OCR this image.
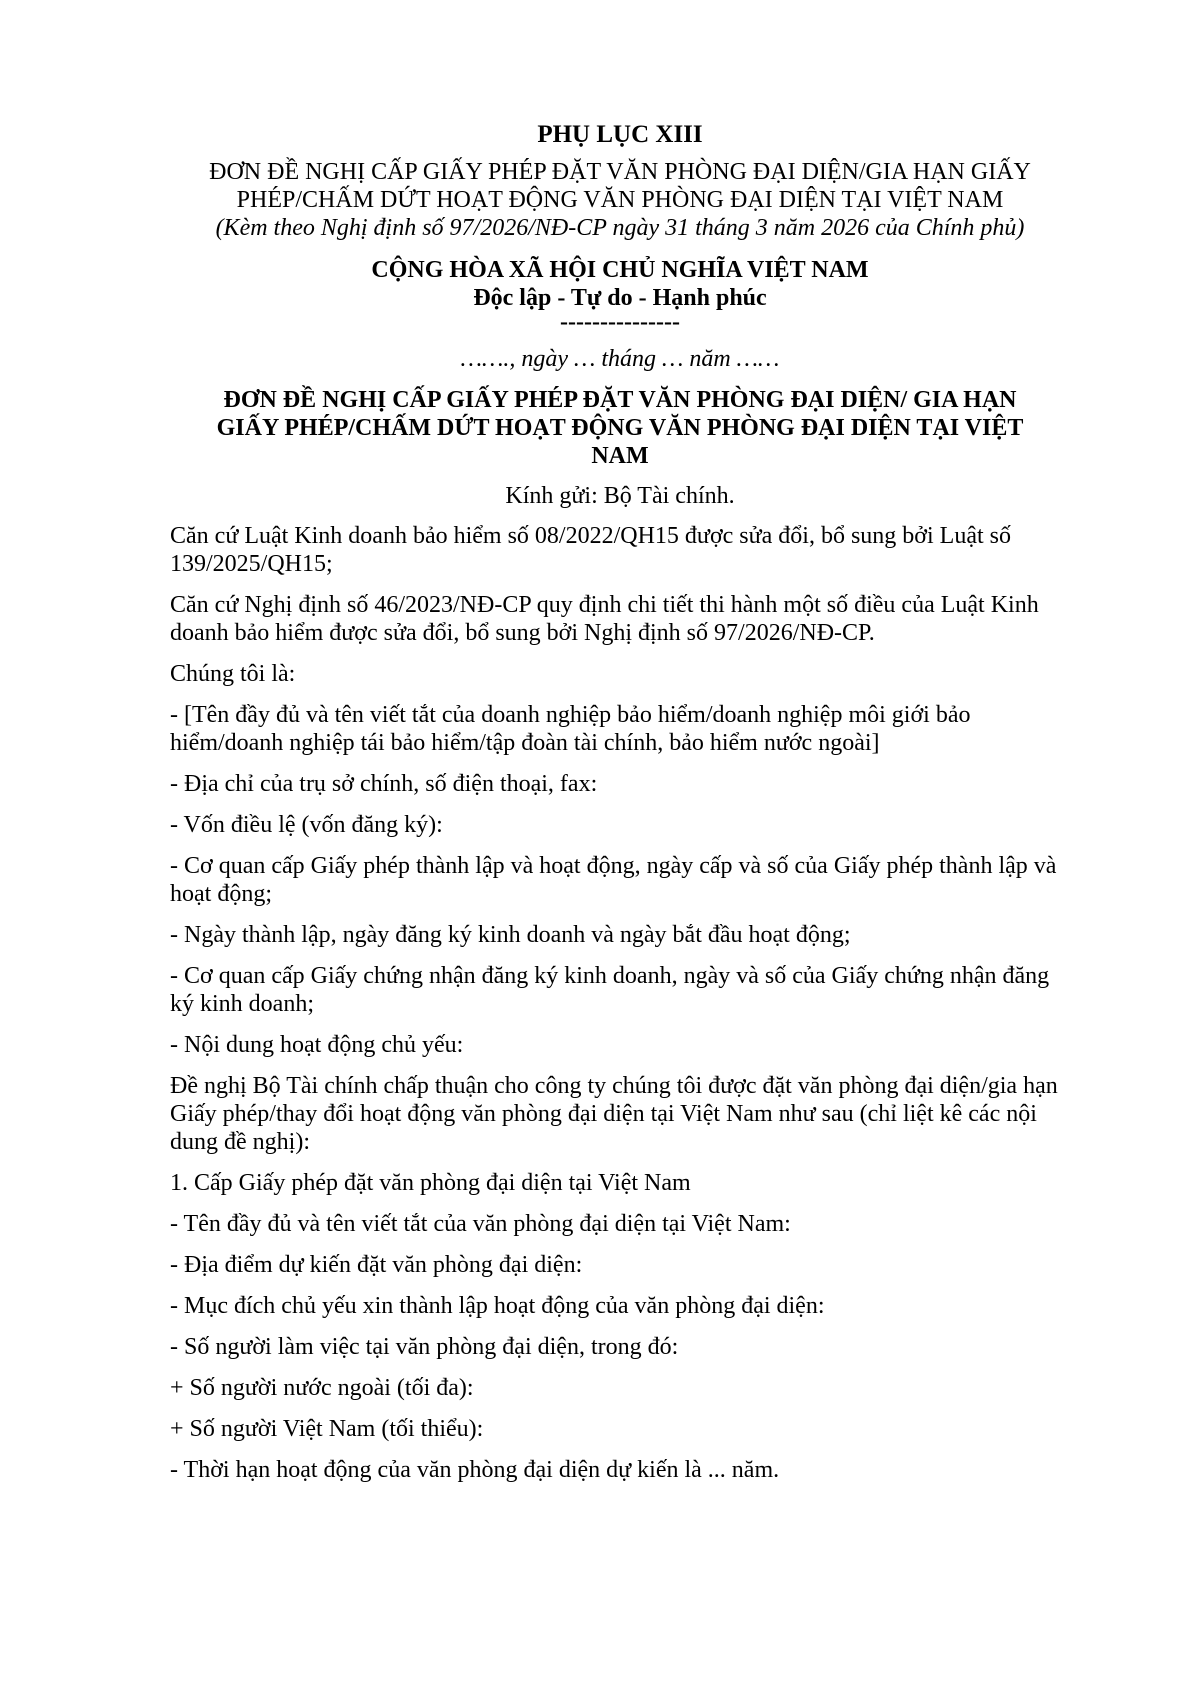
PHỤ LỤC XIII

ĐƠN ĐỀ NGHỊ CẤP GIẤY PHÉP ĐẶT VĂN PHÒNG ĐẠI DIỆN/GIA HẠN GIẤY

PHÉP/CHẤM DỨT HOẠT ĐỘNG VĂN PHÒNG ĐẠI DIỆN TẠI VIỆT NAM

(Kèm theo Nghị định số 97/2026/NĐ-CP ngày 31 tháng 3 năm 2026 của Chính phủ)

CỘNG HÒA XÃ HỘI CHỦ NGHĨA VIỆT NAM

Độc lập - Tự do - Hạnh phúc

---------------

……., ngày … tháng … năm ……

ĐƠN ĐỀ NGHỊ CẤP GIẤY PHÉP ĐẶT VĂN PHÒNG ĐẠI DIỆN/ GIA HẠN
GIẤY PHÉP/CHẤM DỨT HOẠT ĐỘNG VĂN PHÒNG ĐẠI DIỆN TẠI VIỆT
NAM

Kính gửi: Bộ Tài chính.

Căn cứ Luật Kinh doanh bảo hiểm số 08/2022/QH15 được sửa đổi, bổ sung bởi Luật số 139/2025/QH15;

Căn cứ Nghị định số 46/2023/NĐ-CP quy định chi tiết thi hành một số điều của Luật Kinh doanh bảo hiểm được sửa đổi, bổ sung bởi Nghị định số 97/2026/NĐ-CP.

Chúng tôi là:

- [Tên đầy đủ và tên viết tắt của doanh nghiệp bảo hiểm/doanh nghiệp môi giới bảo hiểm/doanh nghiệp tái bảo hiểm/tập đoàn tài chính, bảo hiểm nước ngoài]

- Địa chỉ của trụ sở chính, số điện thoại, fax:

- Vốn điều lệ (vốn đăng ký):

- Cơ quan cấp Giấy phép thành lập và hoạt động, ngày cấp và số của Giấy phép thành lập và hoạt động;

- Ngày thành lập, ngày đăng ký kinh doanh và ngày bắt đầu hoạt động;

- Cơ quan cấp Giấy chứng nhận đăng ký kinh doanh, ngày và số của Giấy chứng nhận đăng ký kinh doanh;

- Nội dung hoạt động chủ yếu:

Đề nghị Bộ Tài chính chấp thuận cho công ty chúng tôi được đặt văn phòng đại diện/gia hạn Giấy phép/thay đổi hoạt động văn phòng đại diện tại Việt Nam như sau (chỉ liệt kê các nội dung đề nghị):

1. Cấp Giấy phép đặt văn phòng đại diện tại Việt Nam

- Tên đầy đủ và tên viết tắt của văn phòng đại diện tại Việt Nam:

- Địa điểm dự kiến đặt văn phòng đại diện:

- Mục đích chủ yếu xin thành lập hoạt động của văn phòng đại diện:

- Số người làm việc tại văn phòng đại diện, trong đó:

+ Số người nước ngoài (tối đa):

+ Số người Việt Nam (tối thiểu):

- Thời hạn hoạt động của văn phòng đại diện dự kiến là ... năm.
